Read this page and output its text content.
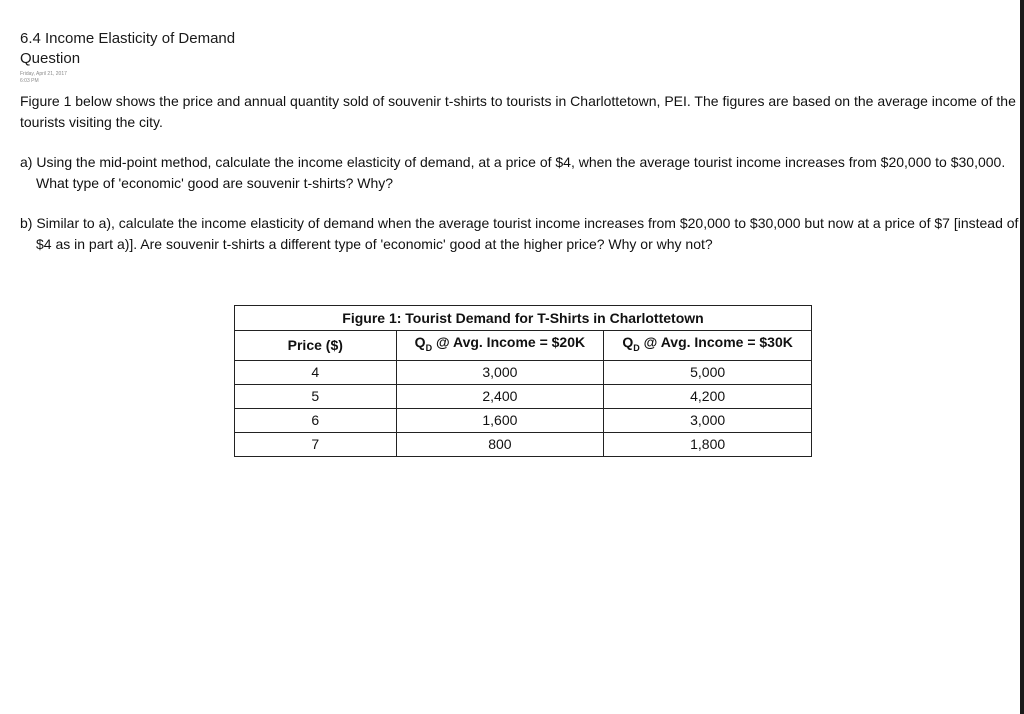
6.4 Income Elasticity of Demand
Question
Friday, April 21, 2017
6:03 PM
Figure 1 below shows the price and annual quantity sold of souvenir t-shirts to tourists in Charlottetown, PEI. The figures are based on the average income of the tourists visiting the city.
a) Using the mid-point method, calculate the income elasticity of demand, at a price of $4, when the average tourist income increases from $20,000 to $30,000. What type of 'economic' good are souvenir t-shirts? Why?
b) Similar to a), calculate the income elasticity of demand when the average tourist income increases from $20,000 to $30,000 but now at a price of $7 [instead of $4 as in part a)]. Are souvenir t-shirts a different type of 'economic' good at the higher price? Why or why not?
Figure 1: Tourist Demand for T-Shirts in Charlottetown		
Price ($)	$Q_D$ @ Avg. Income = $20K	$Q_D$ @ Avg. Income = $30K
4	3,000	5,000
5	2,400	4,200
6	1,600	3,000
7	800	1,800
